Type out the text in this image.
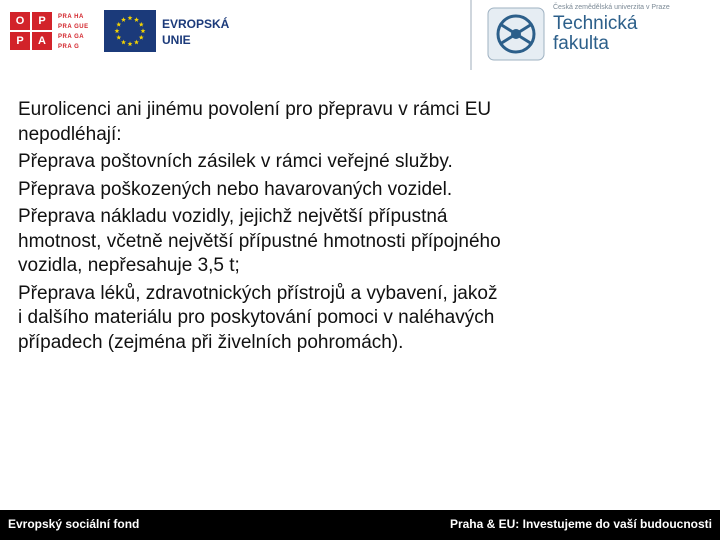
O	P
P	A
PRA HA
PRA GUE
PRA GA
PRA G
EVROPSKÁ
UNIE
Česká zemědělská univerzita v Praze
Technická
fakulta

Eurolicenci ani jinému povolení pro přepravu v rámci EU
nepodléhají:

Přeprava poštovních zásilek v rámci veřejné služby.

Přeprava poškozených nebo havarovaných vozidel.

Přeprava nákladu vozidly, jejichž největší přípustná
hmotnost, včetně největší přípustné hmotnosti přípojného
vozidla, nepřesahuje 3,5 t;

Přeprava léků, zdravotnických přístrojů a vybavení, jakož
i dalšího materiálu pro poskytování pomoci v naléhavých
případech (zejména při živelních pohromách).

Evropský sociální fond	Praha & EU: Investujeme do vaší budoucnosti
